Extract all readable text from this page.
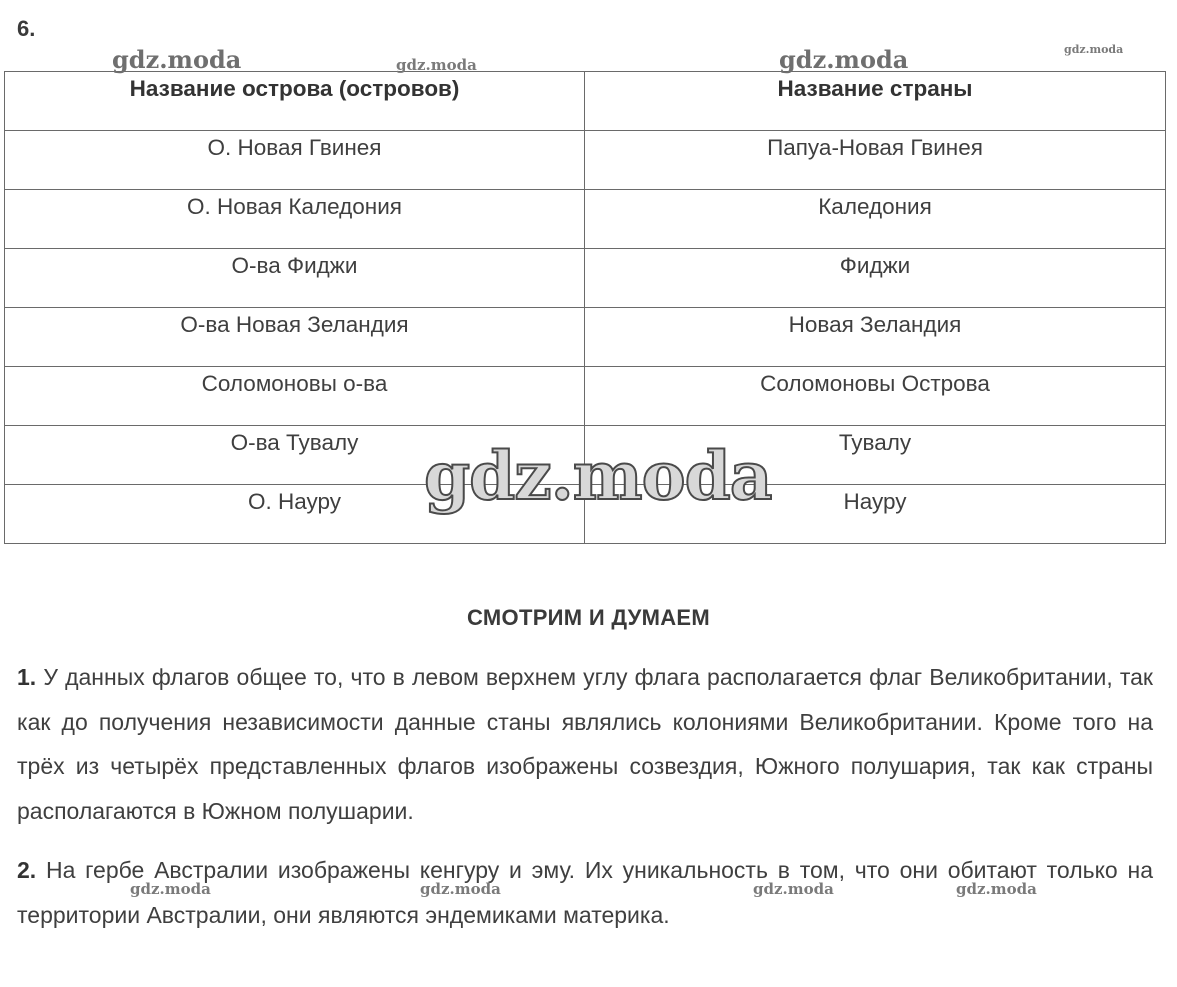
6.
Название острова (островов)	Название страны
О. Новая Гвинея	Папуа-Новая Гвинея
О. Новая Каледония	Каледония
О-ва Фиджи	Фиджи
О-ва Новая Зеландия	Новая Зеландия
Соломоновы о-ва	Соломоновы Острова
О-ва Тувалу	Тувалу
О. Науру	Науру
СМОТРИМ И ДУМАЕМ

1. У данных флагов общее то, что в левом верхнем углу флага располагается флаг Великобритании, так как до получения независимости данные станы являлись колониями Великобритании. Кроме того на трёх из четырёх представленных флагов изображены созвездия, Южного полушария, так как страны располагаются в Южном полушарии.

2. На гербе Австралии изображены кенгуру и эму. Их уникальность в том, что они обитают только на территории Австралии, они являются эндемиками материка.

gdz.moda	gdz.moda	gdz.moda	gdz.moda
gdz.moda
gdz.moda	gdz.moda	gdz.moda	gdz.moda
